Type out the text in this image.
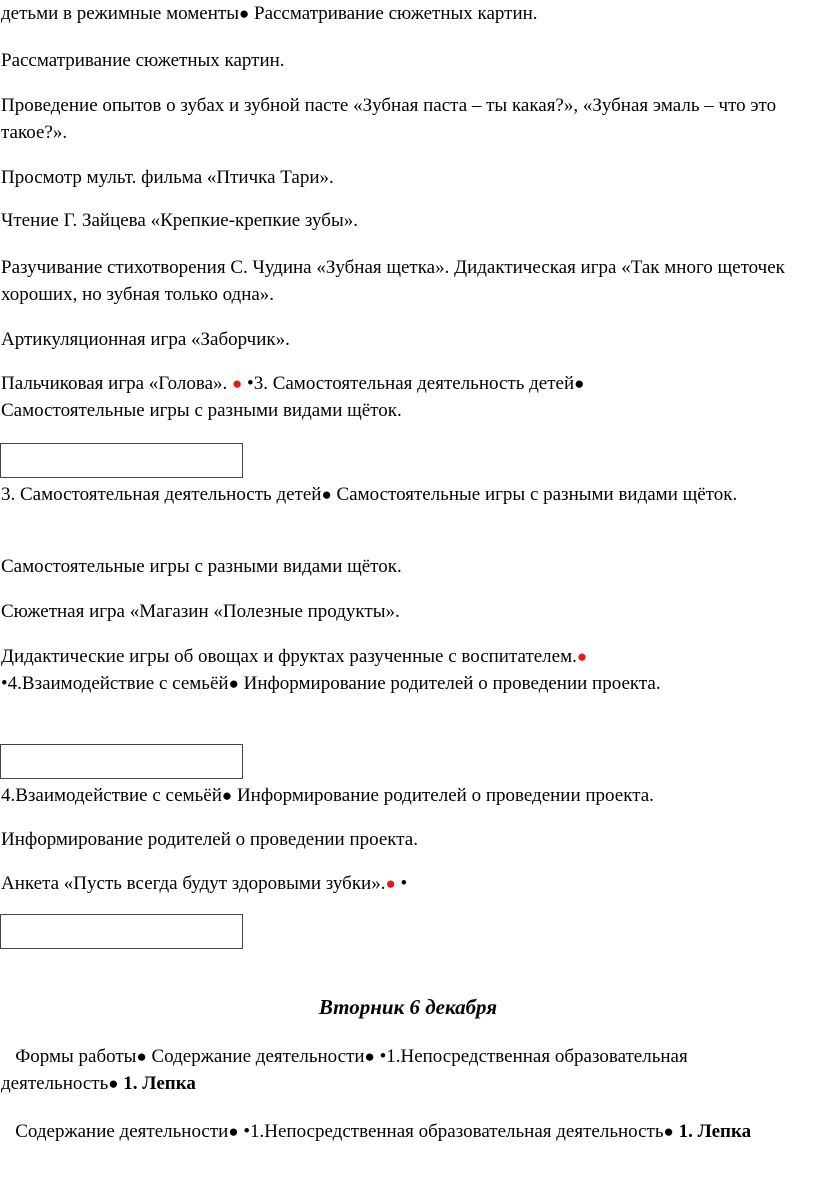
детьми в режимные моменты● Рассматривание сюжетных картин.

Рассматривание сюжетных картин.

Проведение опытов о зубах и зубной пасте «Зубная паста – ты какая?», «Зубная эмаль – что это такое?».

Просмотр мульт. фильма «Птичка Тари».

Чтение Г. Зайцева «Крепкие-крепкие зубы».

Разучивание стихотворения С. Чудина «Зубная щетка». Дидактическая игра «Так много щеточек хороших, но зубная только одна».

Артикуляционная игра «Заборчик».

Пальчиковая игра «Голова». ● •3. Самостоятельная деятельность детей● Самостоятельные игры с разными видами щёток.

3. Самостоятельная деятельность детей● Самостоятельные игры с разными видами щёток.

Самостоятельные игры с разными видами щёток.

Сюжетная игра «Магазин «Полезные продукты».

Дидактические игры об овощах и фруктах разученные с воспитателем.● •4.Взаимодействие с семьёй● Информирование родителей о проведении проекта.

4.Взаимодействие с семьёй● Информирование родителей о проведении проекта.

Информирование родителей о проведении проекта.

Анкета «Пусть всегда будут здоровыми зубки».● •

Вторник 6 декабря

Формы работы● Содержание деятельности● •1.Непосредственная образовательная деятельность● 1. Лепка

Содержание деятельности● •1.Непосредственная образовательная деятельность● 1. Лепка
